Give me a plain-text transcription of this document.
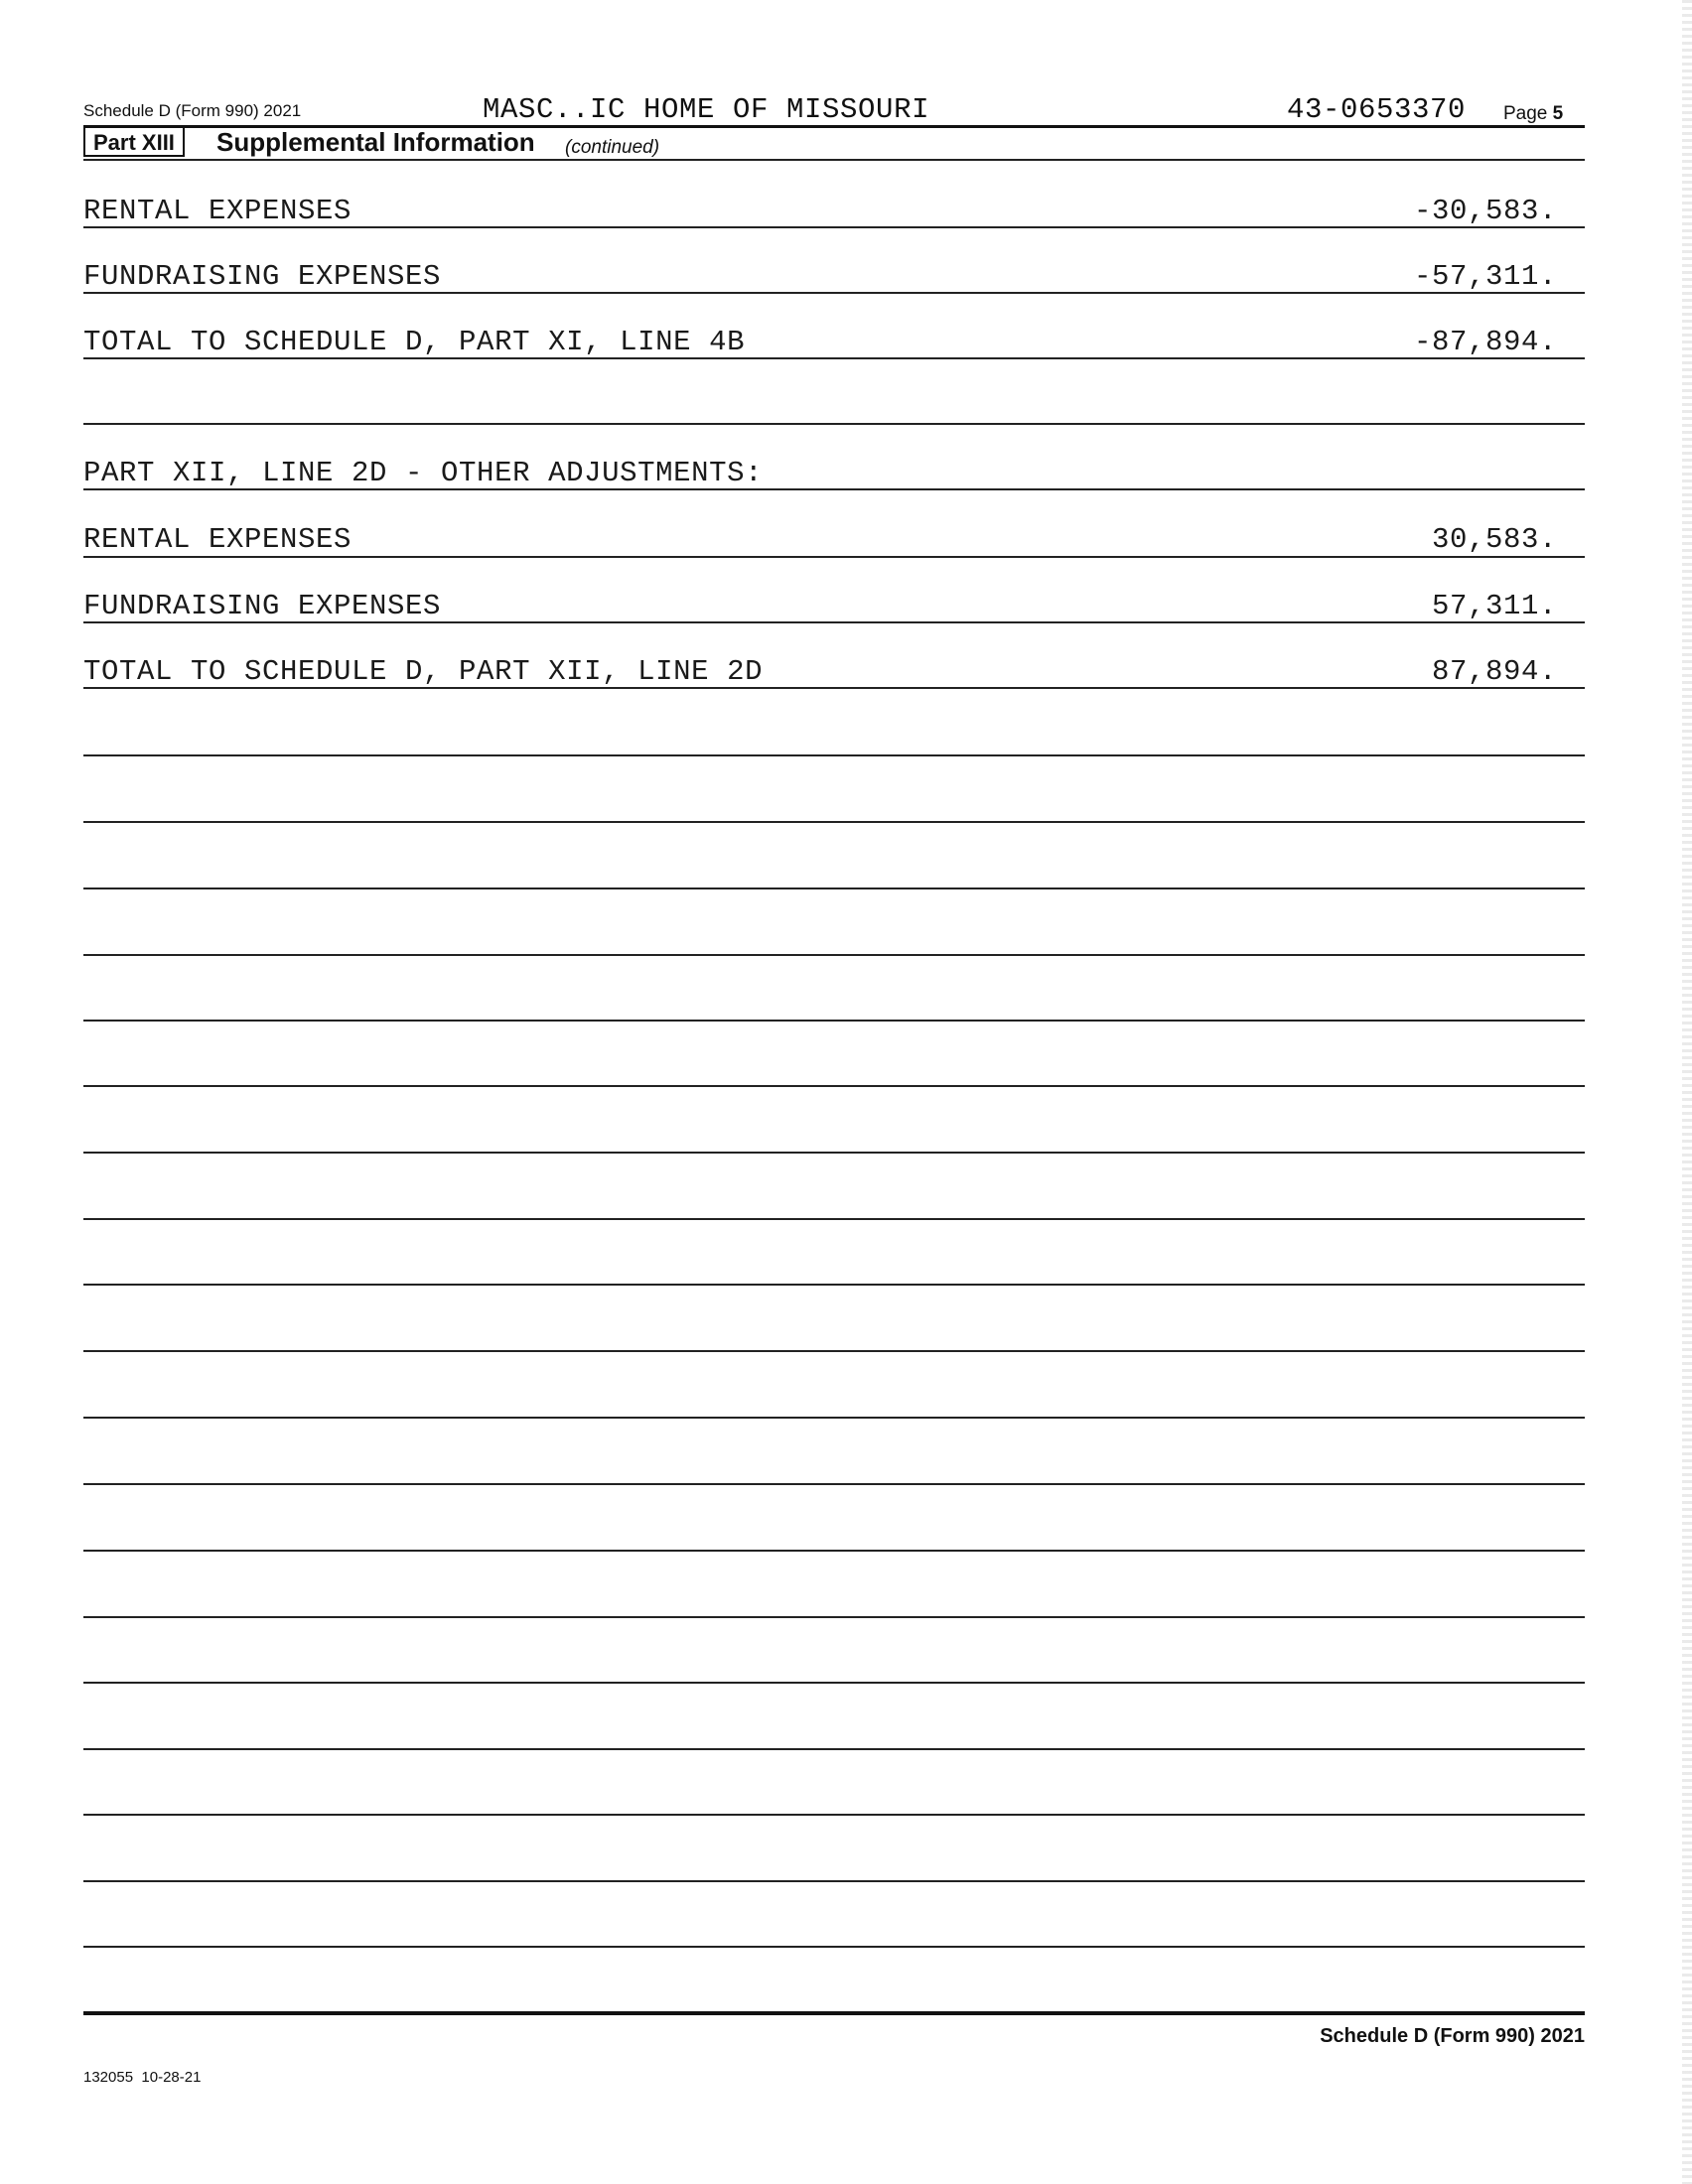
Schedule D (Form 990) 2021	MASC..IC HOME OF MISSOURI	43-0653370 Page 5
Part XIII	Supplemental Information (continued)
RENTAL EXPENSES	-30,583.
FUNDRAISING EXPENSES	-57,311.
TOTAL TO SCHEDULE D, PART XI, LINE 4B	-87,894.
PART XII, LINE 2D - OTHER ADJUSTMENTS:
RENTAL EXPENSES	30,583.
FUNDRAISING EXPENSES	57,311.
TOTAL TO SCHEDULE D, PART XII, LINE 2D	87,894.
Schedule D (Form 990) 2021
132055  10-28-21
